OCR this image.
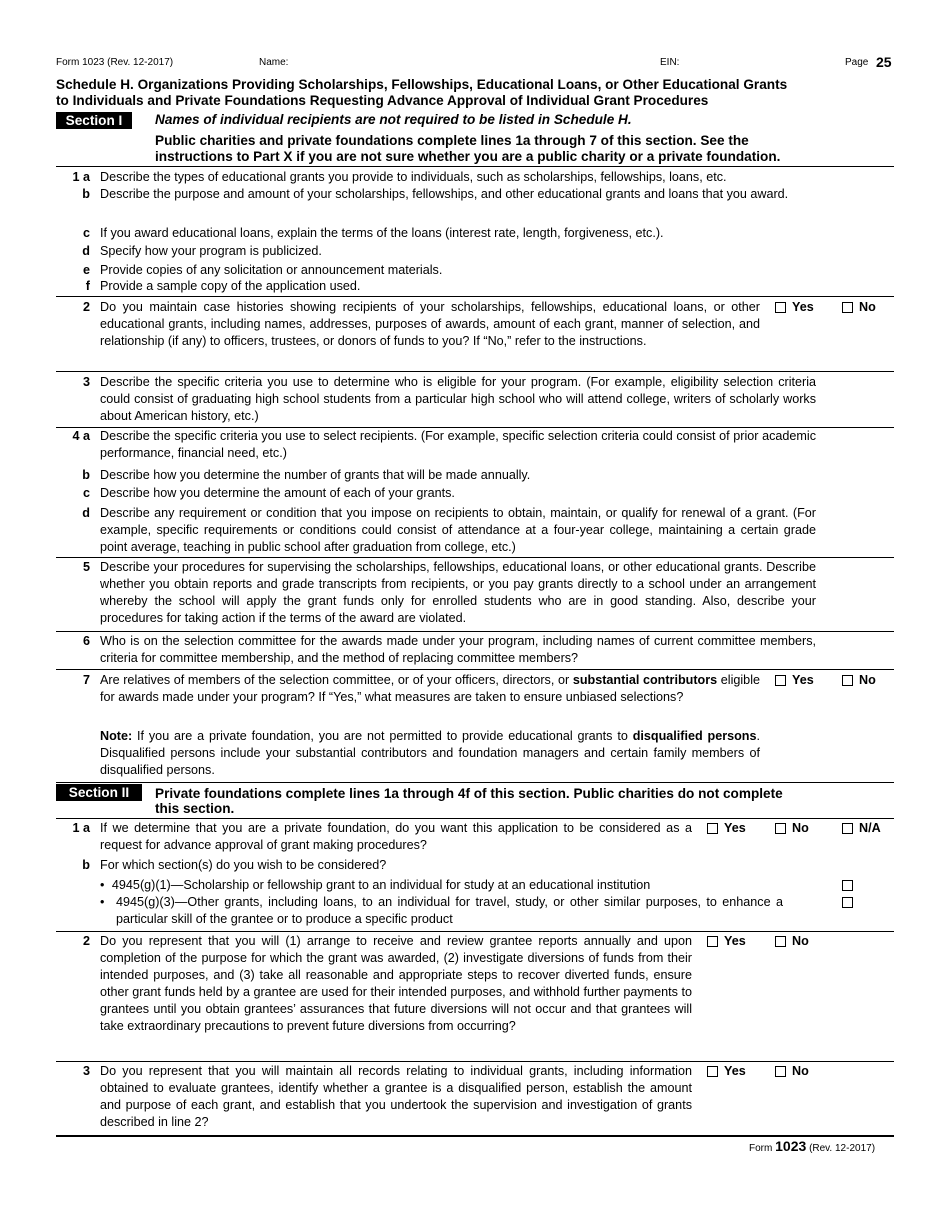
Form 1023 (Rev. 12-2017)	Name:	EIN:	Page 25
Schedule H. Organizations Providing Scholarships, Fellowships, Educational Loans, or Other Educational Grants
to Individuals and Private Foundations Requesting Advance Approval of Individual Grant Procedures
Section I	Names of individual recipients are not required to be listed in Schedule H.
Public charities and private foundations complete lines 1a through 7 of this section. See the
instructions to Part X if you are not sure whether you are a public charity or a private foundation.
1 a Describe the types of educational grants you provide to individuals, such as scholarships, fellowships, loans, etc.
b Describe the purpose and amount of your scholarships, fellowships, and other educational grants and loans that you award.
c If you award educational loans, explain the terms of the loans (interest rate, length, forgiveness, etc.).
d Specify how your program is publicized.
e Provide copies of any solicitation or announcement materials.
f Provide a sample copy of the application used.
2 Do you maintain case histories showing recipients of your scholarships, fellowships, educational loans, or other educational grants, including names, addresses, purposes of awards, amount of each grant, manner of selection, and relationship (if any) to officers, trustees, or donors of funds to you? If “No,” refer to the instructions.
Yes	No
3 Describe the specific criteria you use to determine who is eligible for your program. (For example, eligibility selection criteria could consist of graduating high school students from a particular high school who will attend college, writers of scholarly works about American history, etc.)
4 a Describe the specific criteria you use to select recipients. (For example, specific selection criteria could consist of prior academic performance, financial need, etc.)
b Describe how you determine the number of grants that will be made annually.
c Describe how you determine the amount of each of your grants.
d Describe any requirement or condition that you impose on recipients to obtain, maintain, or qualify for renewal of a grant. (For example, specific requirements or conditions could consist of attendance at a four-year college, maintaining a certain grade point average, teaching in public school after graduation from college, etc.)
5 Describe your procedures for supervising the scholarships, fellowships, educational loans, or other educational grants. Describe whether you obtain reports and grade transcripts from recipients, or you pay grants directly to a school under an arrangement whereby the school will apply the grant funds only for enrolled students who are in good standing. Also, describe your procedures for taking action if the terms of the award are violated.
6 Who is on the selection committee for the awards made under your program, including names of current committee members, criteria for committee membership, and the method of replacing committee members?
7 Are relatives of members of the selection committee, or of your officers, directors, or substantial contributors eligible for awards made under your program? If “Yes,” what measures are taken to ensure unbiased selections?
Yes	No
Note: If you are a private foundation, you are not permitted to provide educational grants to disqualified persons. Disqualified persons include your substantial contributors and foundation managers and certain family members of disqualified persons.
Section II	Private foundations complete lines 1a through 4f of this section. Public charities do not complete
this section.
1 a If we determine that you are a private foundation, do you want this application to be considered as a request for advance approval of grant making procedures?
Yes	No	N/A
b For which section(s) do you wish to be considered?
• 4945(g)(1)—Scholarship or fellowship grant to an individual for study at an educational institution
• 4945(g)(3)—Other grants, including loans, to an individual for travel, study, or other similar purposes, to enhance a particular skill of the grantee or to produce a specific product
2 Do you represent that you will (1) arrange to receive and review grantee reports annually and upon completion of the purpose for which the grant was awarded, (2) investigate diversions of funds from their intended purposes, and (3) take all reasonable and appropriate steps to recover diverted funds, ensure other grant funds held by a grantee are used for their intended purposes, and withhold further payments to grantees until you obtain grantees’ assurances that future diversions will not occur and that grantees will take extraordinary precautions to prevent future diversions from occurring?
Yes	No
3 Do you represent that you will maintain all records relating to individual grants, including information obtained to evaluate grantees, identify whether a grantee is a disqualified person, establish the amount and purpose of each grant, and establish that you undertook the supervision and investigation of grants described in line 2?
Yes	No
Form 1023 (Rev. 12-2017)
